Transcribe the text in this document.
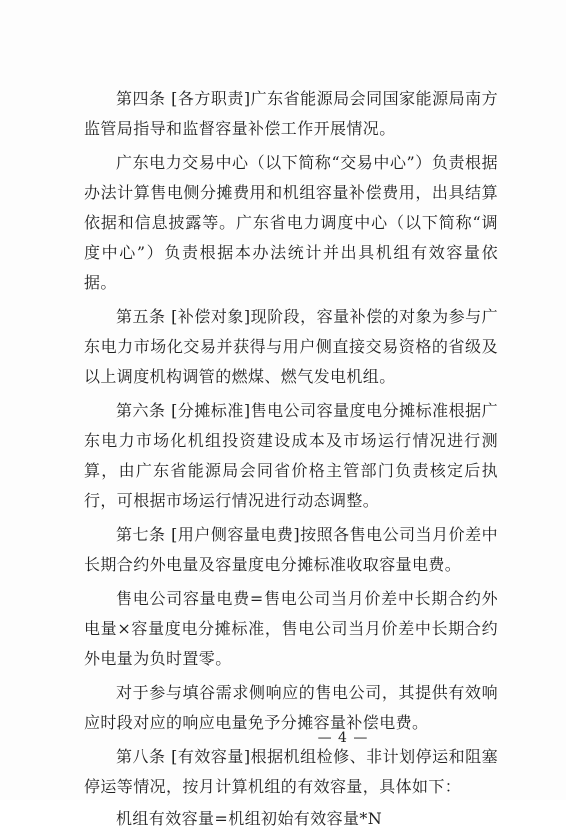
第四条 [各方职责]广东省能源局会同国家能源局南方监管局指导和监督容量补偿工作开展情况。

广东电力交易中心（以下简称“交易中心”）负责根据办法计算售电侧分摊费用和机组容量补偿费用，出具结算依据和信息披露等。广东省电力调度中心（以下简称“调度中心”）负责根据本办法统计并出具机组有效容量依据。

第五条 [补偿对象]现阶段，容量补偿的对象为参与广东电力市场化交易并获得与用户侧直接交易资格的省级及以上调度机构调管的燃煤、燃气发电机组。

第六条 [分摊标准]售电公司容量度电分摊标准根据广东电力市场化机组投资建设成本及市场运行情况进行测算，由广东省能源局会同省价格主管部门负责核定后执行，可根据市场运行情况进行动态调整。

第七条 [用户侧容量电费]按照各售电公司当月价差中长期合约外电量及容量度电分摊标准收取容量电费。

售电公司容量电费=售电公司当月价差中长期合约外电量×容量度电分摊标准，售电公司当月价差中长期合约外电量为负时置零。

对于参与填谷需求侧响应的售电公司，其提供有效响应时段对应的响应电量免予分摊容量补偿电费。

第八条 [有效容量]根据机组检修、非计划停运和阻塞停运等情况，按月计算机组的有效容量，具体如下：

机组有效容量=机组初始有效容量*N

— 4 —
